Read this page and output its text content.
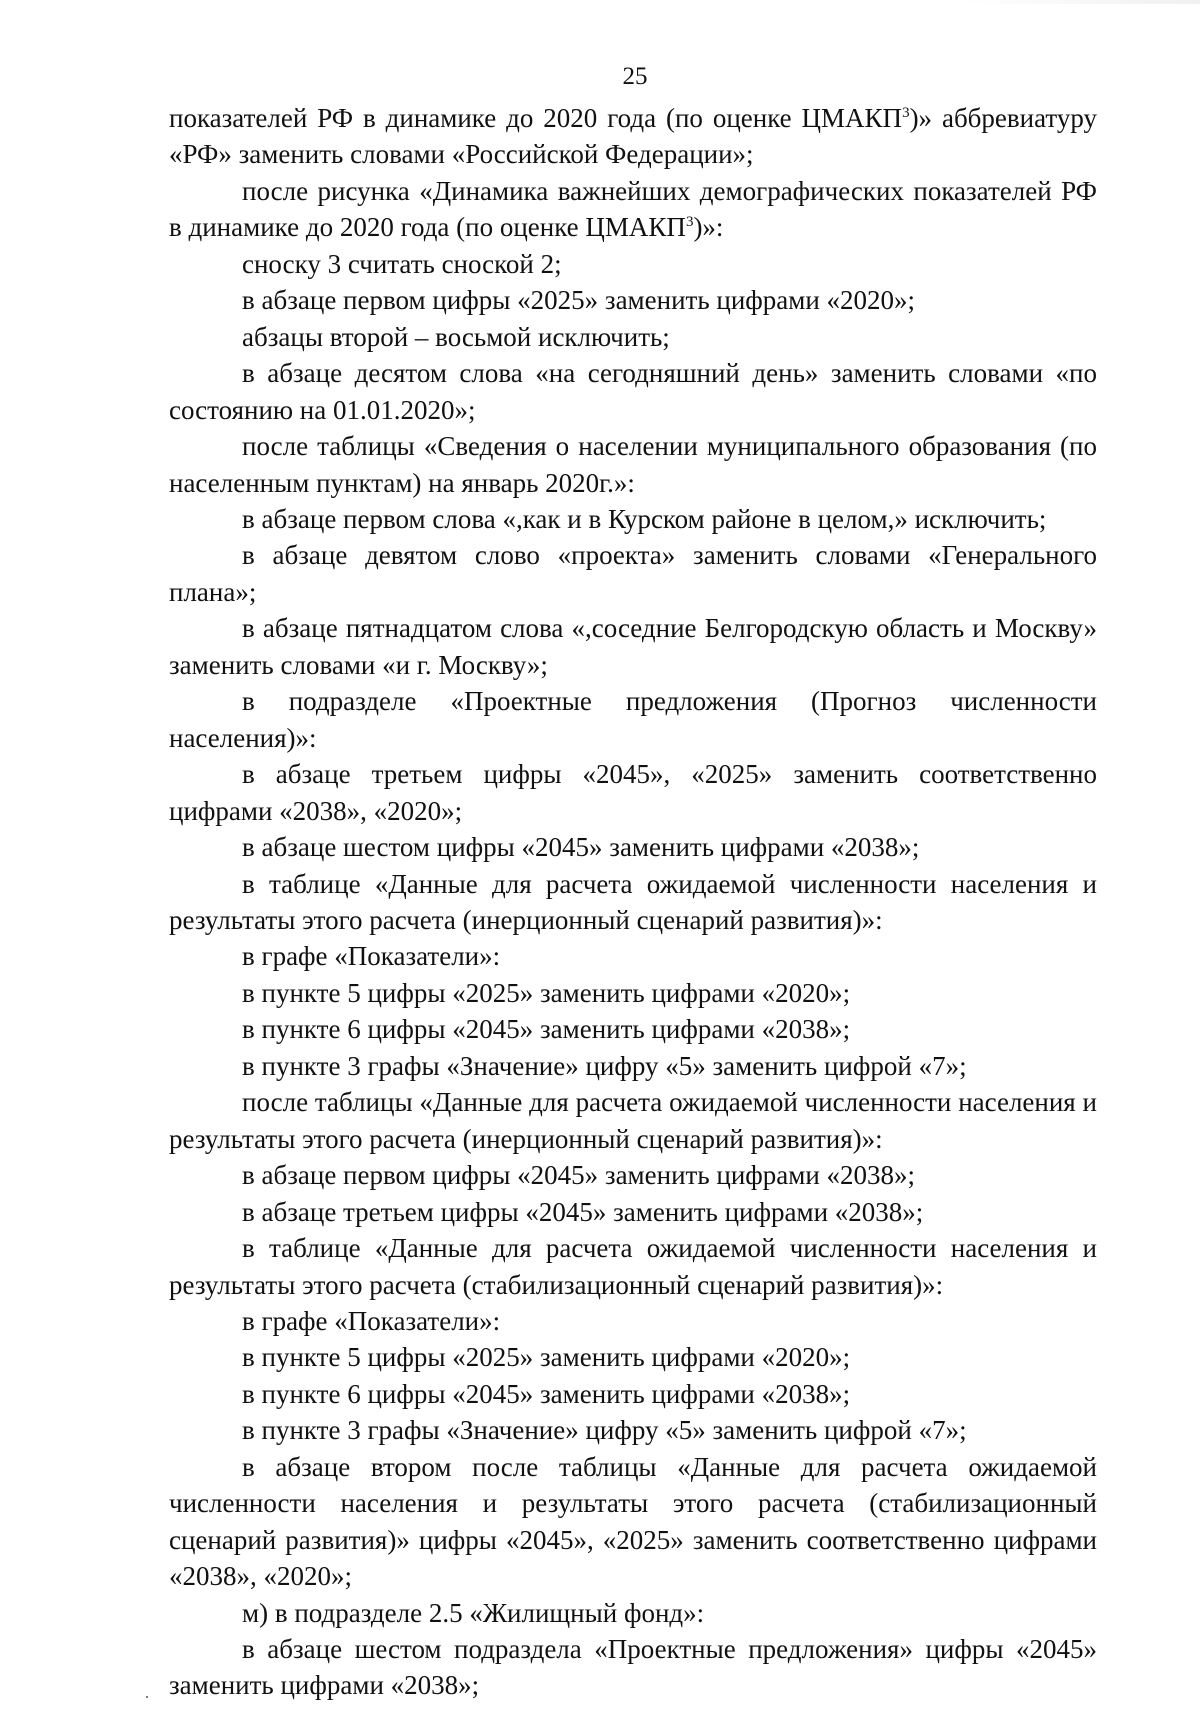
25

показателей РФ в динамике до 2020 года (по оценке ЦМАКП$^3$)» аббревиатуру «РФ» заменить словами «Российской Федерации»;

после рисунка «Динамика важнейших демографических показателей РФ в динамике до 2020 года (по оценке ЦМАКП$^3$)»:

сноску 3 считать сноской 2;

в абзаце первом цифры «2025» заменить цифрами «2020»;

абзацы второй – восьмой исключить;

в абзаце десятом слова «на сегодняшний день» заменить словами «по состоянию на 01.01.2020»;

после таблицы «Сведения о населении муниципального образования (по населенным пунктам) на январь 2020г.»:

в абзаце первом слова «,как и в Курском районе в целом,» исключить;

в абзаце девятом слово «проекта» заменить словами «Генерального плана»;

в абзаце пятнадцатом слова «,соседние Белгородскую область и Москву» заменить словами «и г. Москву»;

в подразделе «Проектные предложения (Прогноз численности населения)»:

в абзаце третьем цифры «2045», «2025» заменить соответственно цифрами «2038», «2020»;

в абзаце шестом цифры «2045» заменить цифрами «2038»;

в таблице «Данные для расчета ожидаемой численности населения и результаты этого расчета (инерционный сценарий развития)»:

в графе «Показатели»:

в пункте 5 цифры «2025» заменить цифрами «2020»;

в пункте 6 цифры «2045» заменить цифрами «2038»;

в пункте 3 графы «Значение» цифру «5» заменить цифрой «7»;

после таблицы «Данные для расчета ожидаемой численности населения и результаты этого расчета (инерционный сценарий развития)»:

в абзаце первом цифры «2045» заменить цифрами «2038»;

в абзаце третьем цифры «2045» заменить цифрами «2038»;

в таблице «Данные для расчета ожидаемой численности населения и результаты этого расчета (стабилизационный сценарий развития)»:

в графе «Показатели»:

в пункте 5 цифры «2025» заменить цифрами «2020»;

в пункте 6 цифры «2045» заменить цифрами «2038»;

в пункте 3 графы «Значение» цифру «5» заменить цифрой «7»;

в абзаце втором после таблицы «Данные для расчета ожидаемой численности населения и результаты этого расчета (стабилизационный сценарий развития)» цифры «2045», «2025» заменить соответственно цифрами «2038», «2020»;

м) в подразделе 2.5 «Жилищный фонд»:

в абзаце шестом подраздела «Проектные предложения» цифры «2045» заменить цифрами «2038»;
